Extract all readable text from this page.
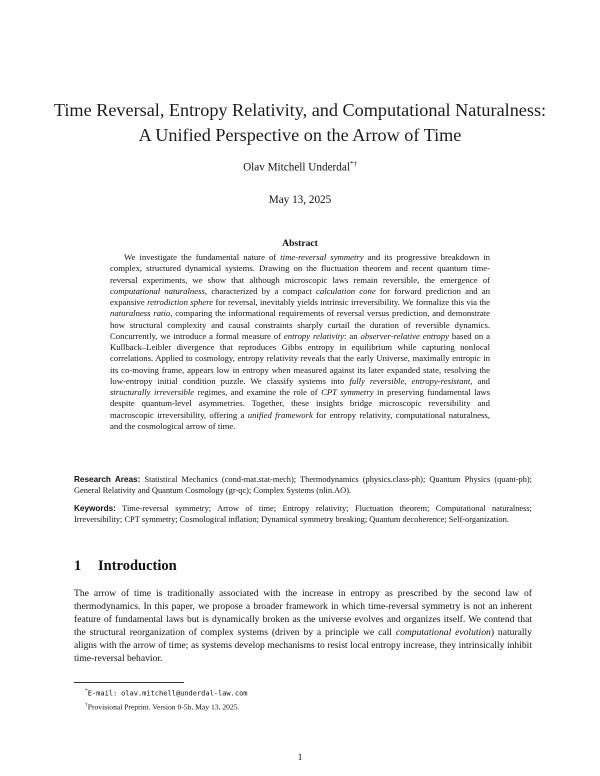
Time Reversal, Entropy Relativity, and Computational Naturalness:
A Unified Perspective on the Arrow of Time
Olav Mitchell Underdal*†
May 13, 2025
Abstract

We investigate the fundamental nature of time-reversal symmetry and its progressive breakdown in complex, structured dynamical systems. Drawing on the fluctuation theorem and recent quantum time-reversal experiments, we show that although microscopic laws remain reversible, the emergence of computational naturalness, characterized by a compact calculation cone for forward prediction and an expansive retrodiction sphere for reversal, inevitably yields intrinsic irreversibility. We formalize this via the naturalness ratio, comparing the informational requirements of reversal versus prediction, and demonstrate how structural complexity and causal constraints sharply curtail the duration of reversible dynamics. Concurrently, we introduce a formal measure of entropy relativity: an observer-relative entropy based on a Kullback–Leibler divergence that reproduces Gibbs entropy in equilibrium while capturing nonlocal correlations. Applied to cosmology, entropy relativity reveals that the early Universe, maximally entropic in its co-moving frame, appears low in entropy when measured against its later expanded state, resolving the low-entropy initial condition puzzle. We classify systems into fully reversible, entropy-resistant, and structurally irreversible regimes, and examine the role of CPT symmetry in preserving fundamental laws despite quantum-level asymmetries. Together, these insights bridge microscopic reversibility and macroscopic irreversibility, offering a unified framework for entropy relativity, computational naturalness, and the cosmological arrow of time.

Research Areas: Statistical Mechanics (cond-mat.stat-mech); Thermodynamics (physics.class-ph); Quantum Physics (quant-ph); General Relativity and Quantum Cosmology (gr-qc); Complex Systems (nlin.AO).

Keywords: Time-reversal symmetry; Arrow of time; Entropy relativity; Fluctuation theorem; Computational naturalness; Irreversibility; CPT symmetry; Cosmological inflation; Dynamical symmetry breaking; Quantum decoherence; Self-organization.

1 Introduction

The arrow of time is traditionally associated with the increase in entropy as prescribed by the second law of thermodynamics. In this paper, we propose a broader framework in which time-reversal symmetry is not an inherent feature of fundamental laws but is dynamically broken as the universe evolves and organizes itself. We contend that the structural reorganization of complex systems (driven by a principle we call computational evolution) naturally aligns with the arrow of time; as systems develop mechanisms to resist local entropy increase, they intrinsically inhibit time-reversal behavior.

*E-mail: olav.mitchell@underdal-law.com
†Provisional Preprint. Version 0-5b, May 13, 2025.
1
